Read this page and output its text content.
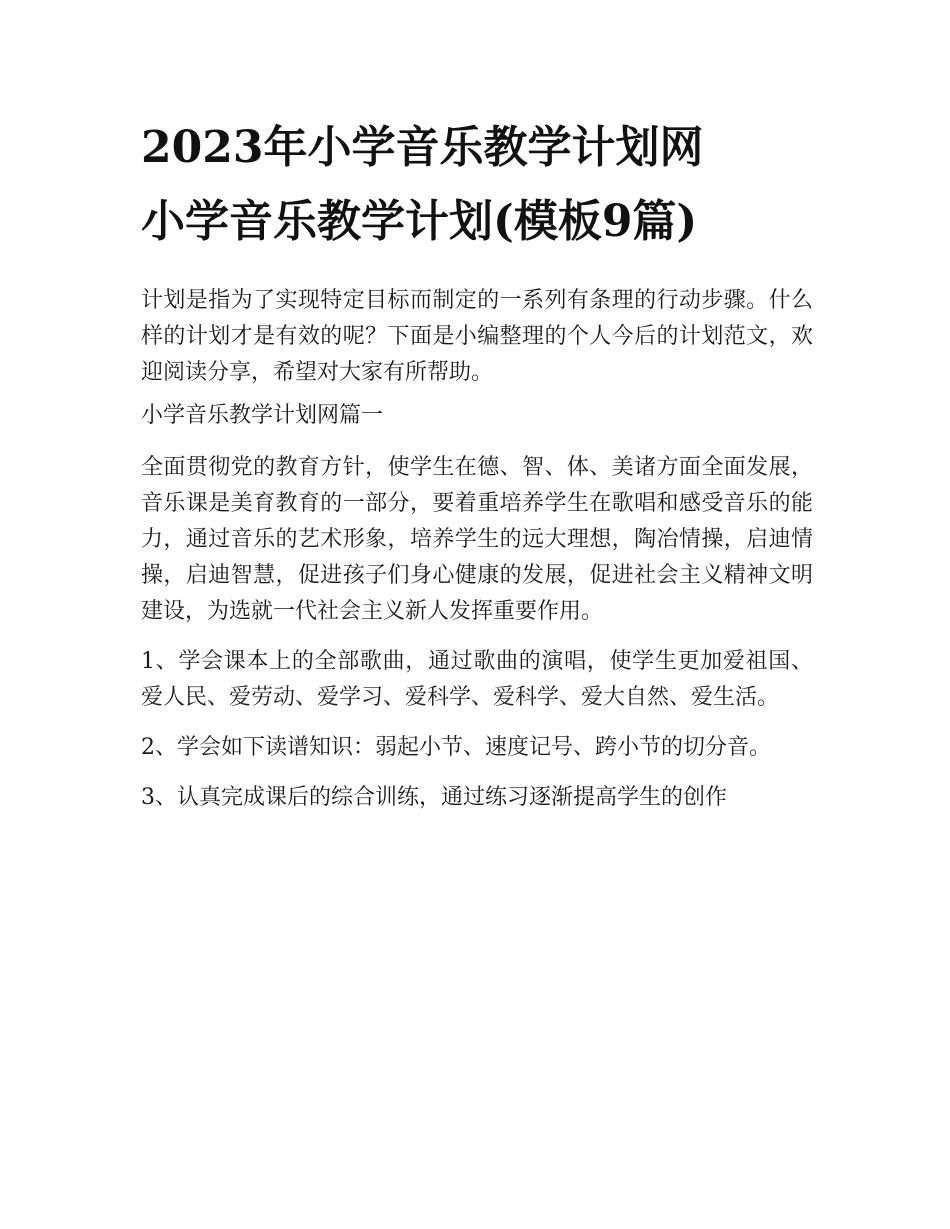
2023年小学音乐教学计划网
小学音乐教学计划(模板9篇)

计划是指为了实现特定目标而制定的一系列有条理的行动步骤。什么样的计划才是有效的呢？下面是小编整理的个人今后的计划范文，欢迎阅读分享，希望对大家有所帮助。

小学音乐教学计划网篇一

全面贯彻党的教育方针，使学生在德、智、体、美诸方面全面发展，音乐课是美育教育的一部分，要着重培养学生在歌唱和感受音乐的能力，通过音乐的艺术形象，培养学生的远大理想，陶冶情操，启迪情操，启迪智慧，促进孩子们身心健康的发展，促进社会主义精神文明建设，为选就一代社会主义新人发挥重要作用。

1、学会课本上的全部歌曲，通过歌曲的演唱，使学生更加爱祖国、爱人民、爱劳动、爱学习、爱科学、爱科学、爱大自然、爱生活。

2、学会如下读谱知识：弱起小节、速度记号、跨小节的切分音。

3、认真完成课后的综合训练，通过练习逐渐提高学生的创作
